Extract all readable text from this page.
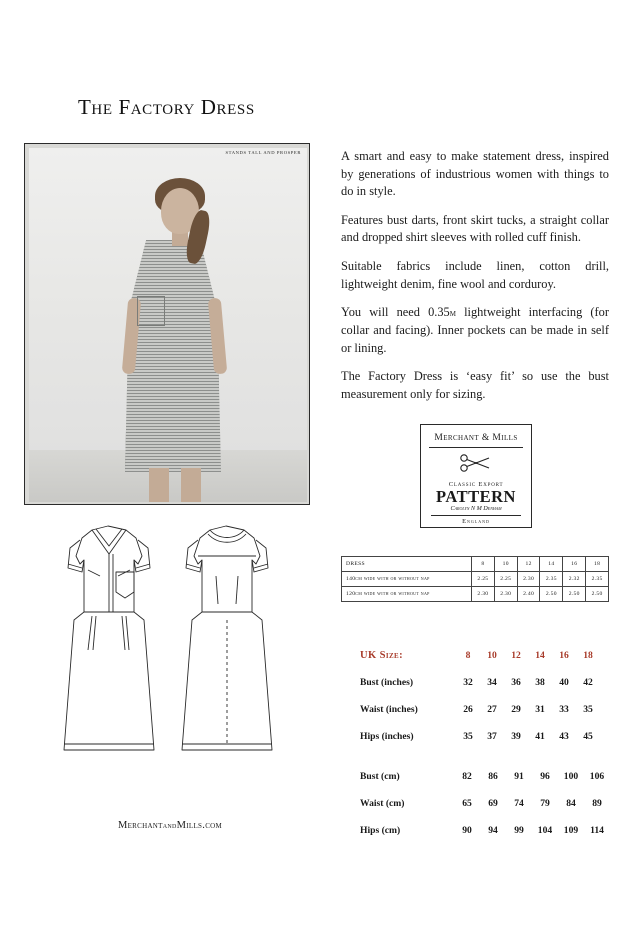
The Factory Dress
STANDS TALL AND PROSPER	A smart and easy to make statement dress, inspired by generations of industrious women with things to do in style.

Features bust darts, front skirt tucks, a straight collar and dropped shirt sleeves with rolled cuff finish.

Suitable fabrics include linen, cotton drill, lightweight denim, fine wool and corduroy.

You will need 0.35m lightweight interfacing (for collar and facing). Inner pockets can be made in self or lining.

The Factory Dress is ‘easy fit’ so use the bust measurement only for sizing.

Merchant & Mills
Classic Export
PATTERN
Carolyn N M Denham
England
MerchantandMills.com
DRESS	8	10	12	14	16	18
140cm wide with or without nap	2.25	2.25	2.30	2.35	2.32	2.35
120cm wide with or without nap	2.30	2.30	2.40	2.50	2.50	2.50
UK Size:	8	10	12	14	16	18
Bust (inches)	32	34	36	38	40	42
Waist (inches)	26	27	29	31	33	35
Hips (inches)	35	37	39	41	43	45
Bust (cm)	82	86	91	96	100	106
Waist (cm)	65	69	74	79	84	89
Hips (cm)	90	94	99	104	109	114
